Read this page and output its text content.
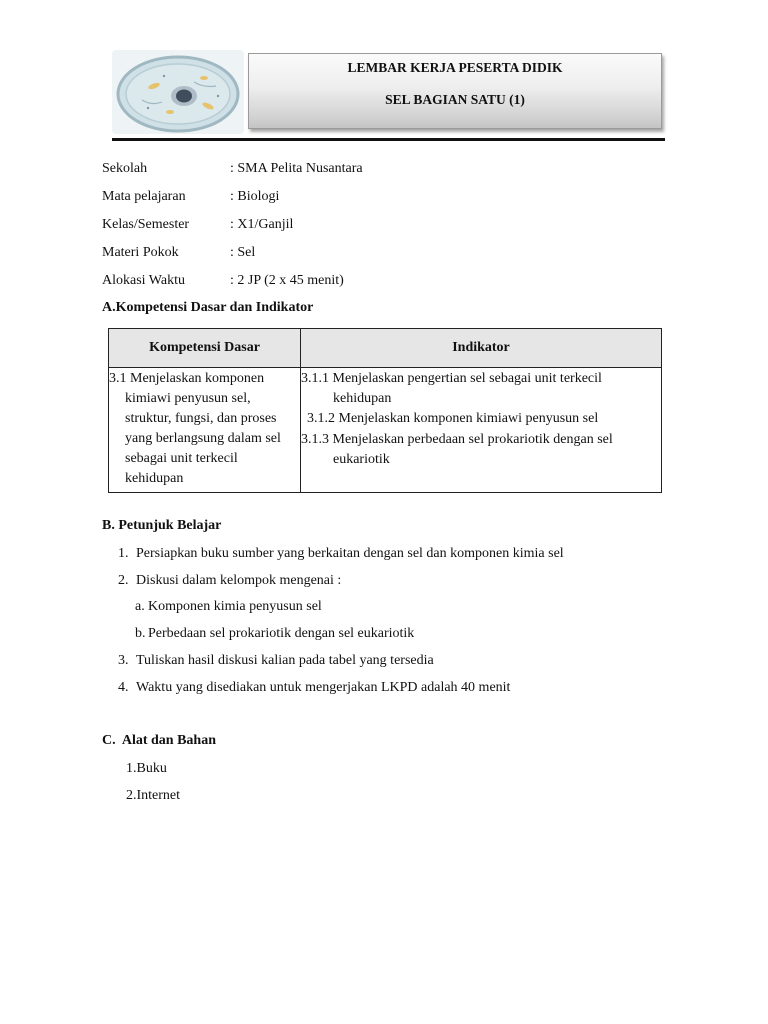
LEMBAR KERJA PESERTA DIDIK
SEL BAGIAN SATU (1)
Sekolah	: SMA Pelita Nusantara
Mata pelajaran	: Biologi
Kelas/Semester	: X1/Ganjil
Materi Pokok	: Sel
Alokasi Waktu	: 2 JP (2 x 45 menit)
A.Kompetensi Dasar dan Indikator
Kompetensi Dasar	Indikator

3.1 Menjelaskan komponen kimiawi penyusun sel, struktur, fungsi, dan proses yang berlangsung dalam sel sebagai unit terkecil kehidupan	3.1.1 Menjelaskan pengertian sel sebagai unit terkecil kehidupan
3.1.2 Menjelaskan komponen kimiawi penyusun sel
3.1.3 Menjelaskan perbedaan sel prokariotik dengan sel eukariotik
B. Petunjuk Belajar
1. Persiapkan buku sumber yang berkaitan dengan sel dan komponen kimia sel
2. Diskusi dalam kelompok mengenai :
a. Komponen kimia penyusun sel
b. Perbedaan sel prokariotik dengan sel eukariotik
3. Tuliskan hasil diskusi kalian pada tabel yang tersedia
4. Waktu yang disediakan untuk mengerjakan LKPD adalah 40 menit
C.  Alat dan Bahan
1.Buku
2.Internet
